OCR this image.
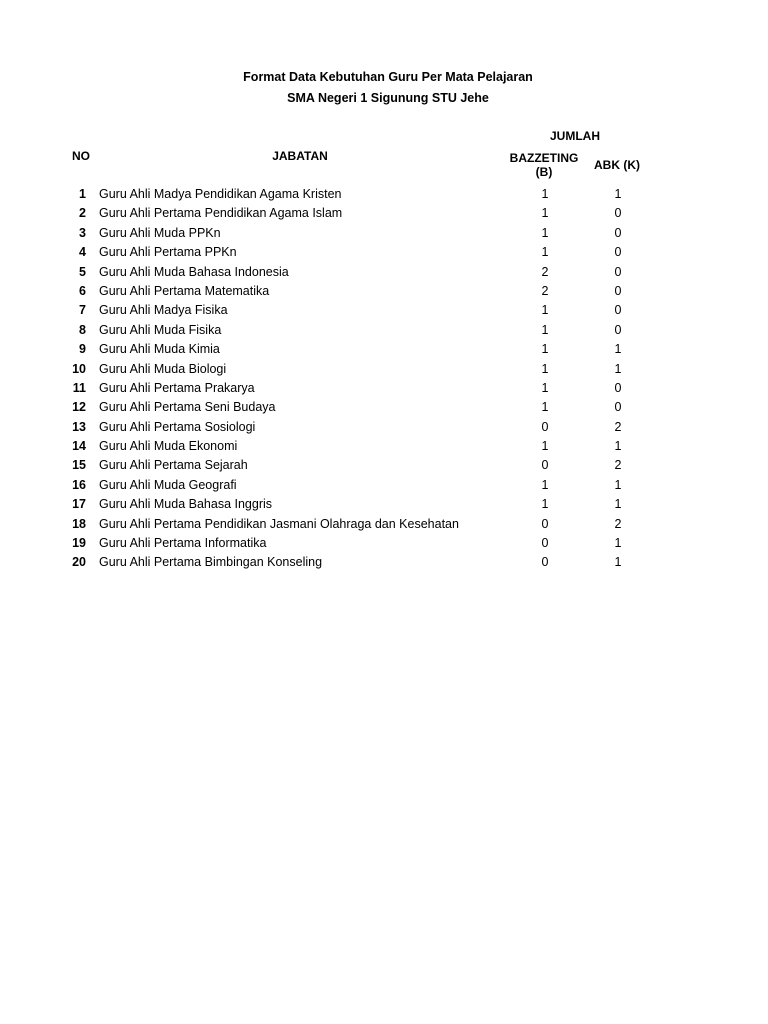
Format Data Kebutuhan Guru Per Mata Pelajaran
SMA Negeri 1 Sigunung STU Jehe
NO	JABATAN
JUMLAH
BAZZETING
(B)	ABK (K)
1 Guru Ahli Madya Pendidikan Agama Kristen	1	1
2 Guru Ahli Pertama Pendidikan Agama Islam	1	0
3 Guru Ahli Muda PPKn	1	0
4 Guru Ahli Pertama PPKn	1	0
5 Guru Ahli Muda Bahasa Indonesia	2	0
6 Guru Ahli Pertama Matematika	2	0
7 Guru Ahli Madya Fisika	1	0
8 Guru Ahli Muda Fisika	1	0
9 Guru Ahli Muda Kimia	1	1
10 Guru Ahli Muda Biologi	1	1
11 Guru Ahli Pertama Prakarya	1	0
12 Guru Ahli Pertama Seni Budaya	1	0
13 Guru Ahli Pertama Sosiologi	0	2
14 Guru Ahli Muda Ekonomi	1	1
15 Guru Ahli Pertama Sejarah	0	2
16 Guru Ahli Muda Geografi	1	1
17 Guru Ahli Muda Bahasa Inggris	1	1
18 Guru Ahli Pertama Pendidikan Jasmani Olahraga dan Kesehatan	0	2
19 Guru Ahli Pertama Informatika	0	1
20 Guru Ahli Pertama Bimbingan Konseling	0	1
